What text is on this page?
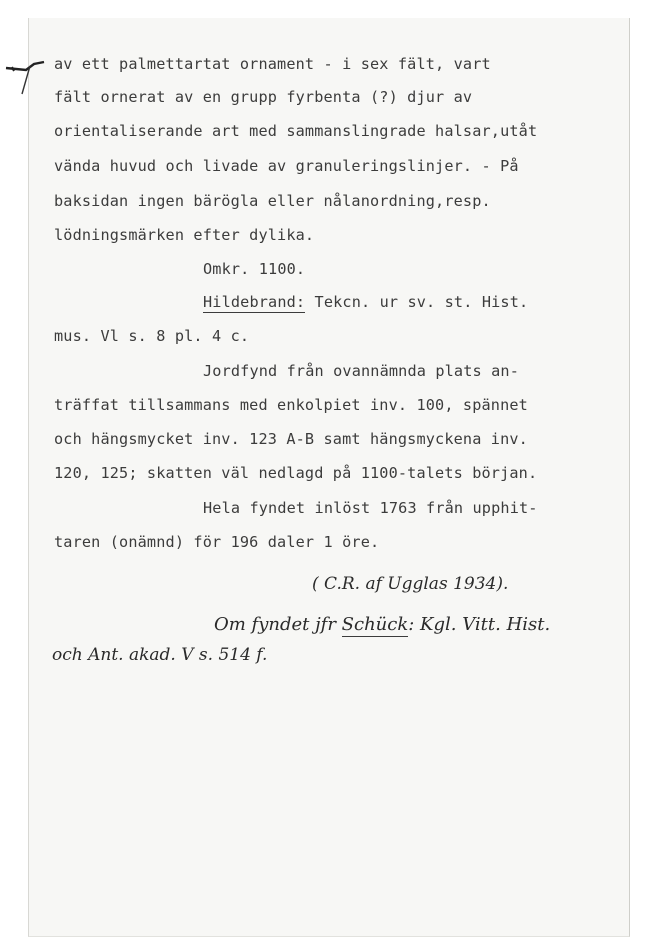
av ett palmettartat ornament - i sex fält, vart
fält ornerat av en grupp fyrbenta (?) djur av
orientaliserande art med sammanslingrade halsar,utåt
vända huvud och livade av granuleringslinjer. - På
baksidan ingen bärögla eller nålanordning,resp.
lödningsmärken efter dylika.
Omkr. 1100.
Hildebrand: Tekcn. ur sv. st. Hist.
mus. Vl s. 8 pl. 4 c.
Jordfynd från ovannämnda plats an-
träffat tillsammans med enkolpiet inv. 100, spännet
och hängsmycket inv. 123 A-B samt hängsmyckena inv.
120, 125; skatten väl nedlagd på 1100-talets början.
Hela fyndet inlöst 1763 från upphit-
taren (onämnd) för 196 daler 1 öre.
( C.R. af Ugglas 1934).
Om fyndet jfr Schück: Kgl. Vitt. Hist.
och Ant. akad. V s. 514 f.
